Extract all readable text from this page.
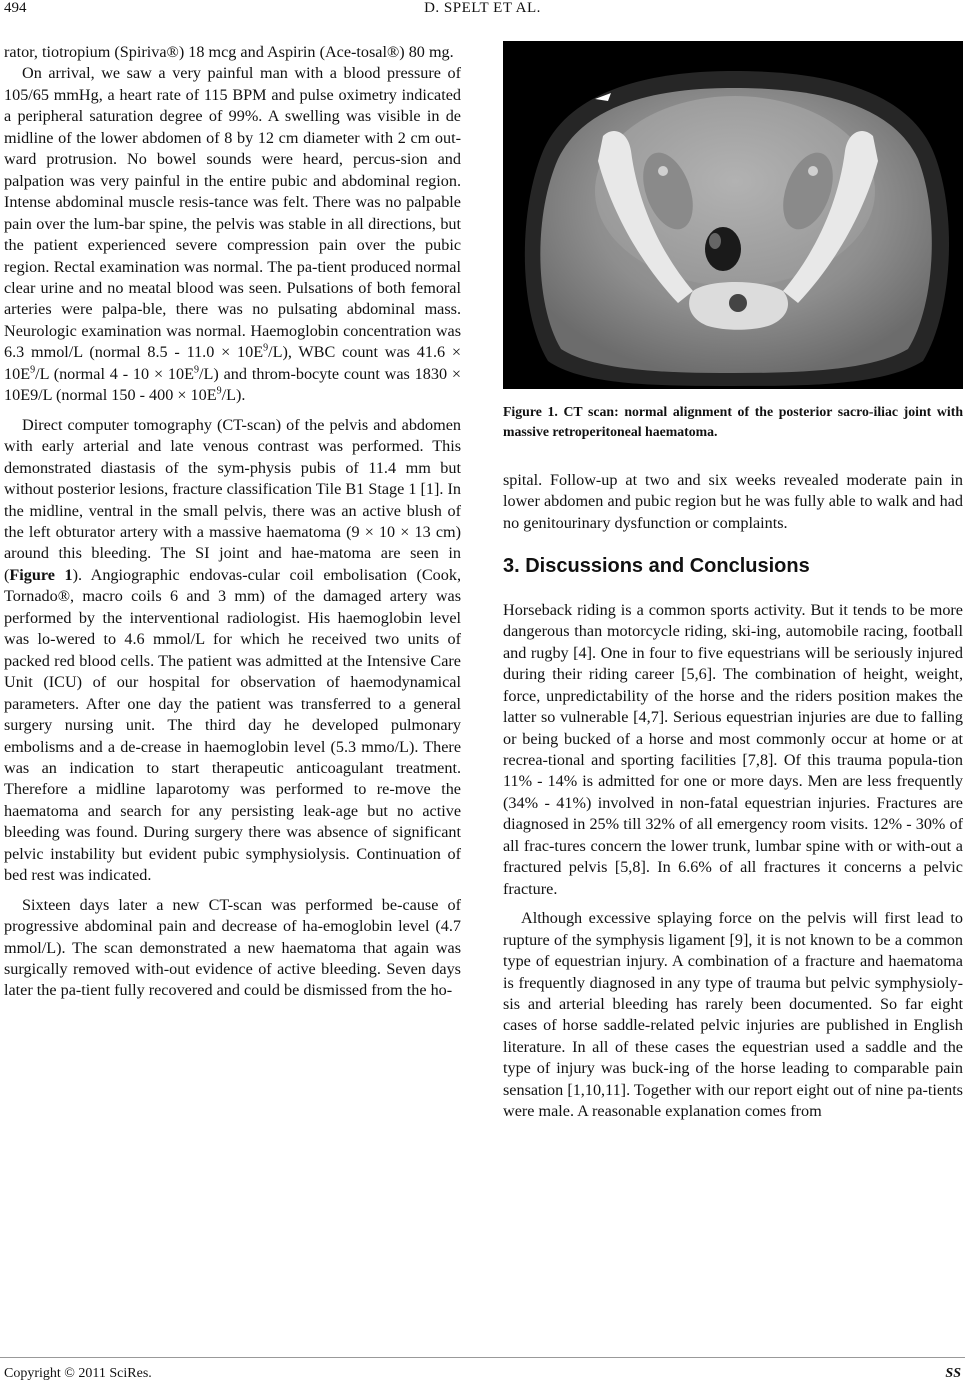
494	D. SPELT ET AL.

rator, tiotropium (Spiriva®) 18 mcg and Aspirin (Ace-tosal®) 80 mg.

On arrival, we saw a very painful man with a blood pressure of 105/65 mmHg, a heart rate of 115 BPM and pulse oximetry indicated a peripheral saturation degree of 99%. A swelling was visible in de midline of the lower abdomen of 8 by 12 cm diameter with 2 cm out-ward protrusion. No bowel sounds were heard, percus-sion and palpation was very painful in the entire pubic and abdominal region. Intense abdominal muscle resis-tance was felt. There was no palpable pain over the lum-bar spine, the pelvis was stable in all directions, but the patient experienced severe compression pain over the pubic region. Rectal examination was normal. The pa-tient produced normal clear urine and no meatal blood was seen. Pulsations of both femoral arteries were palpa-ble, there was no pulsating abdominal mass. Neurologic examination was normal. Haemoglobin concentration was 6.3 mmol/L (normal $8.5 - 11.0 \times 10E^9/L$), WBC count was $41.6 \times 10E^9/L$ (normal $4 - 10 \times 10E^9/L$) and throm-bocyte count was 1830 × 10E9/L (normal $150 - 400 \times 10E^9/L$).

Direct computer tomography (CT-scan) of the pelvis and abdomen with early arterial and late venous contrast was performed. This demonstrated diastasis of the sym-physis pubis of 11.4 mm but without posterior lesions, fracture classification Tile B1 Stage 1 [1]. In the midline, ventral in the small pelvis, there was an active blush of the left obturator artery with a massive haematoma (9 × 10 × 13 cm) around this bleeding. The SI joint and hae-matoma are seen in (Figure 1). Angiographic endovas-cular coil embolisation (Cook, Tornado®, macro coils 6 and 3 mm) of the damaged artery was performed by the interventional radiologist. His haemoglobin level was lo-wered to 4.6 mmol/L for which he received two units of packed red blood cells. The patient was admitted at the Intensive Care Unit (ICU) of our hospital for observation of haemodynamical parameters. After one day the patient was transferred to a general surgery nursing unit. The third day he developed pulmonary embolisms and a de-crease in haemoglobin level (5.3 mmo/L). There was an indication to start therapeutic anticoagulant treatment. Therefore a midline laparotomy was performed to re-move the haematoma and search for any persisting leak-age but no active bleeding was found. During surgery there was absence of significant pelvic instability but evident pubic symphysiolysis. Continuation of bed rest was indicated.

Sixteen days later a new CT-scan was performed be-cause of progressive abdominal pain and decrease of ha-emoglobin level (4.7 mmol/L). The scan demonstrated a new haematoma that again was surgically removed with-out evidence of active bleeding. Seven days later the pa-tient fully recovered and could be dismissed from the ho-

Figure 1. CT scan: normal alignment of the posterior sacro-iliac joint with massive retroperitoneal haematoma.

spital. Follow-up at two and six weeks revealed moderate pain in lower abdomen and pubic region but he was fully able to walk and had no genitourinary dysfunction or complaints.

3. Discussions and Conclusions

Horseback riding is a common sports activity. But it tends to be more dangerous than motorcycle riding, ski-ing, automobile racing, football and rugby [4]. One in four to five equestrians will be seriously injured during their riding career [5,6]. The combination of height, weight, force, unpredictability of the horse and the riders position makes the latter so vulnerable [4,7]. Serious equestrian injuries are due to falling or being bucked of a horse and most commonly occur at home or at recrea-tional and sporting facilities [7,8]. Of this trauma popula-tion 11% - 14% is admitted for one or more days. Men are less frequently (34% - 41%) involved in non-fatal equestrian injuries. Fractures are diagnosed in 25% till 32% of all emergency room visits. 12% - 30% of all frac-tures concern the lower trunk, lumbar spine with or with-out a fractured pelvis [5,8]. In 6.6% of all fractures it concerns a pelvic fracture.

Although excessive splaying force on the pelvis will first lead to rupture of the symphysis ligament [9], it is not known to be a common type of equestrian injury. A combination of a fracture and haematoma is frequently diagnosed in any type of trauma but pelvic symphysioly-sis and arterial bleeding has rarely been documented. So far eight cases of horse saddle-related pelvic injuries are published in English literature. In all of these cases the equestrian used a saddle and the type of injury was buck-ing of the horse leading to comparable pain sensation [1,10,11]. Together with our report eight out of nine pa-tients were male. A reasonable explanation comes from

Copyright © 2011 SciRes.	SS
